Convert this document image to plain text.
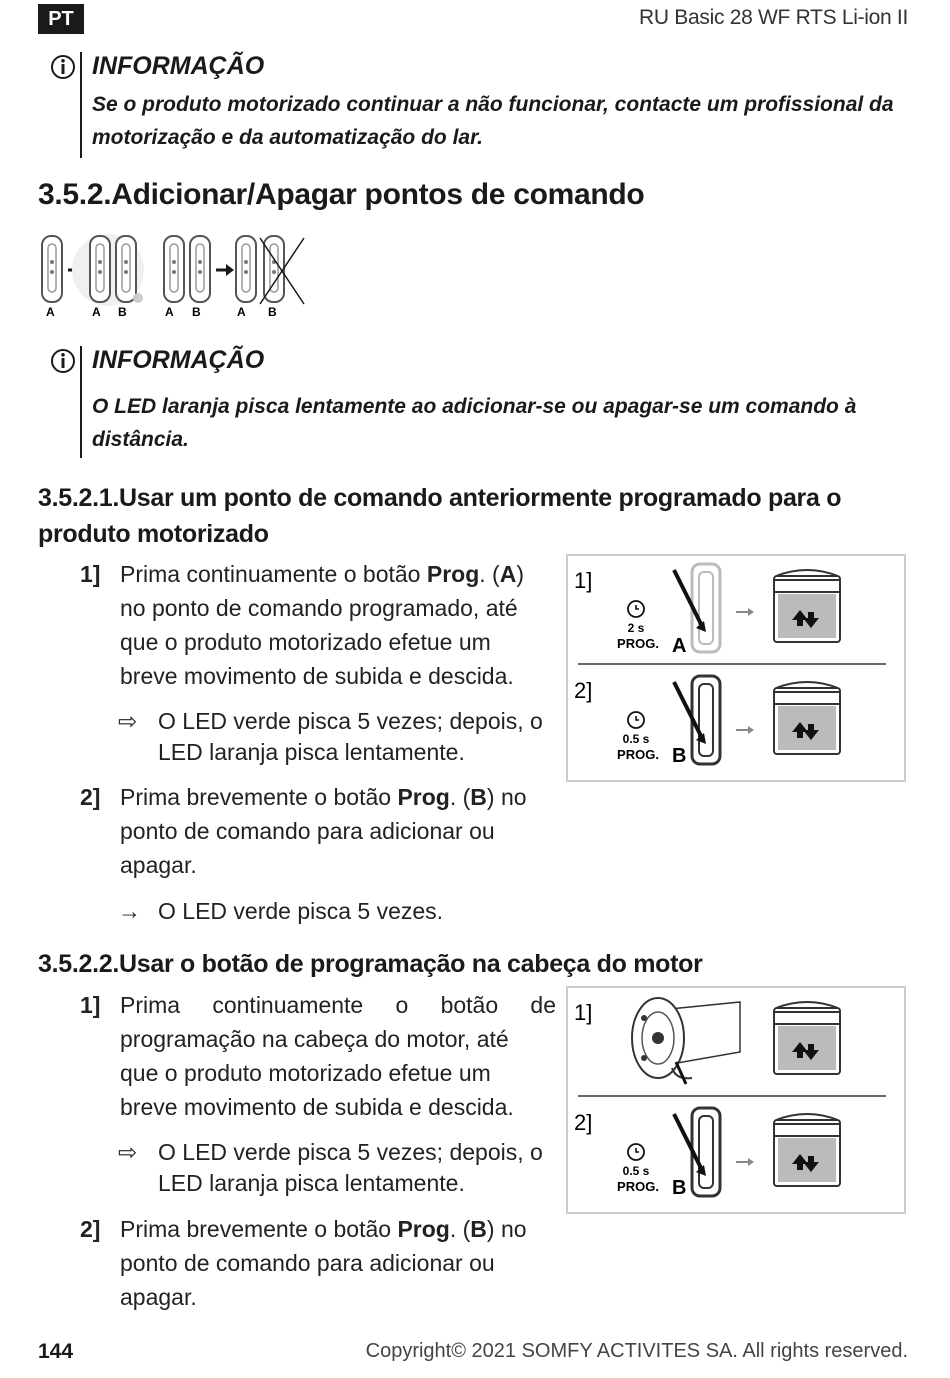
PT	RU Basic 28 WF RTS Li-ion II
INFORMAÇÃO
Se o produto motorizado continuar a não funcionar, contacte um profissional da
motorização e da automatização do lar.
3.5.2.Adicionar/Apagar pontos de comando
A	A B	A B	A B
INFORMAÇÃO
O LED laranja pisca lentamente ao adicionar-se ou apagar-se um comando à
distância.
3.5.2.1.Usar um ponto de comando anteriormente programado para o
produto motorizado
1] Prima continuamente o botão Prog. (A)
no ponto de comando programado, até
que o produto motorizado efetue um
breve movimento de subida e descida.
⇨ O LED verde pisca 5 vezes; depois, o
LED laranja pisca lentamente.
2] Prima brevemente o botão Prog. (B) no
ponto de comando para adicionar ou
apagar.
→ O LED verde pisca 5 vezes.
1]
2 s
PROG. A
2]
0.5 s
PROG. B
3.5.2.2.Usar o botão de programação na cabeça do motor
1] Prima continuamente o botão de
programação na cabeça do motor, até
que o produto motorizado efetue um
breve movimento de subida e descida.
⇨ O LED verde pisca 5 vezes; depois, o
LED laranja pisca lentamente.
2] Prima brevemente o botão Prog. (B) no
ponto de comando para adicionar ou
apagar.
1]
2]
0.5 s
PROG. B
144	Copyright© 2021 SOMFY ACTIVITES SA. All rights reserved.
